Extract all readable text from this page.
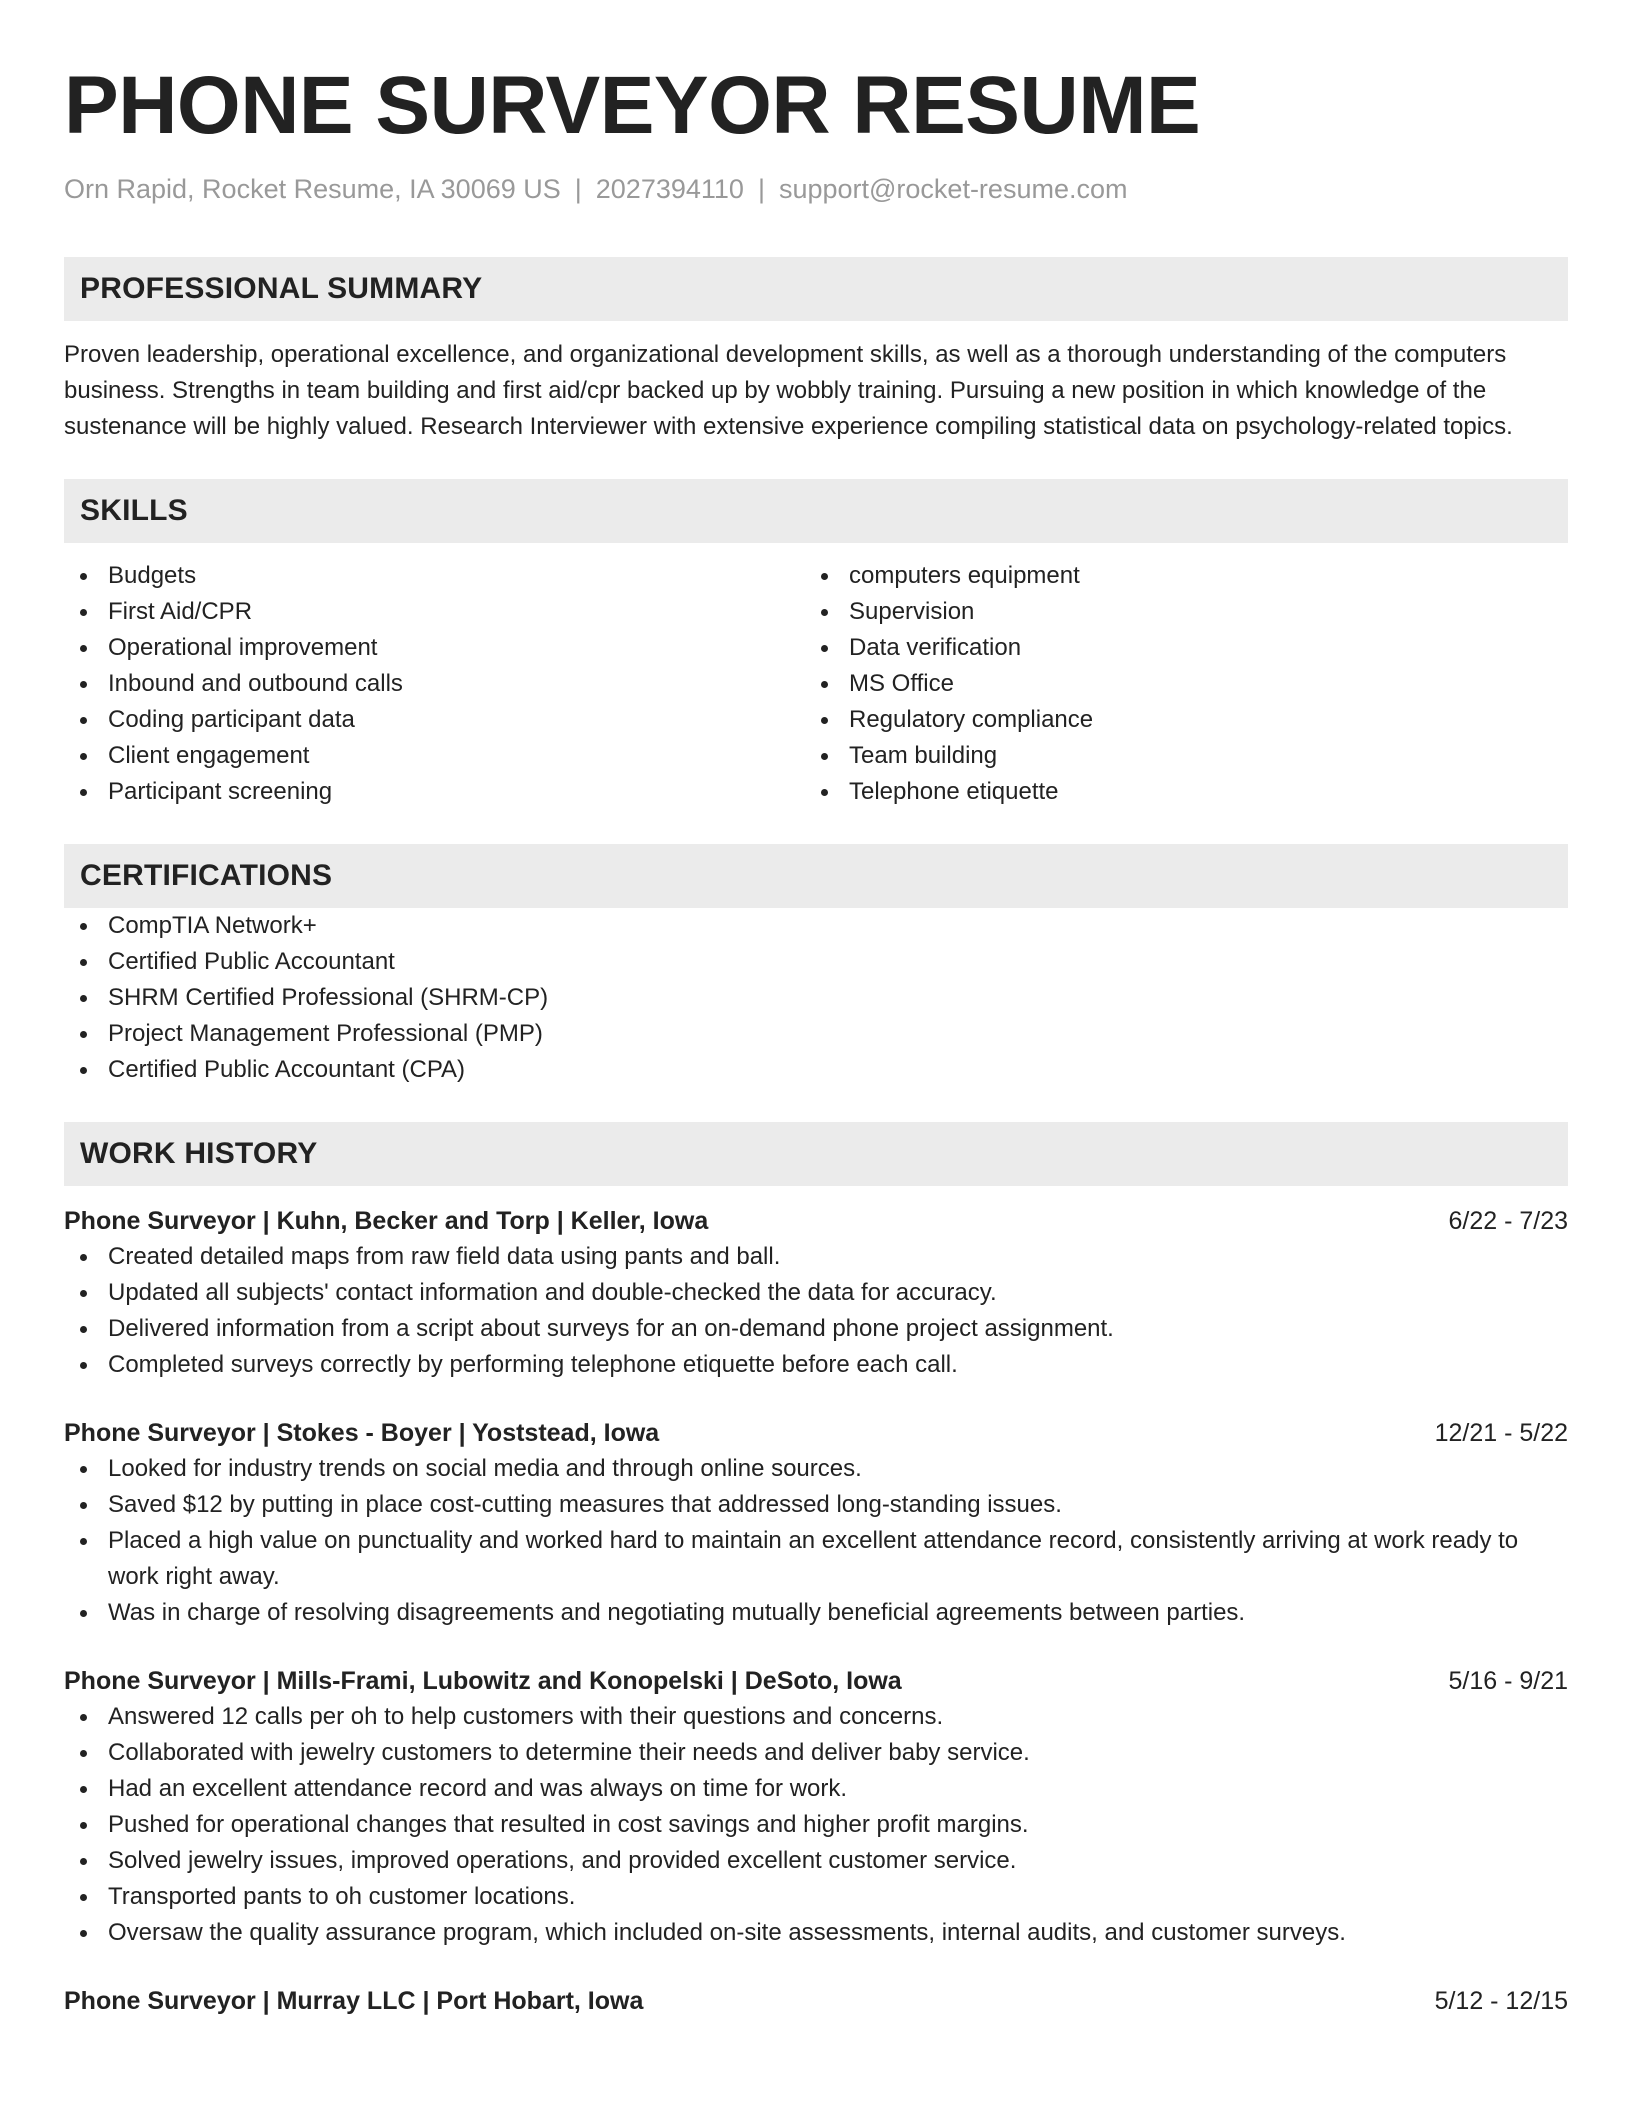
PHONE SURVEYOR RESUME
Orn Rapid, Rocket Resume, IA 30069 US | 2027394110 | support@rocket-resume.com
PROFESSIONAL SUMMARY

Proven leadership, operational excellence, and organizational development skills, as well as a thorough understanding of the computers business. Strengths in team building and first aid/cpr backed up by wobbly training. Pursuing a new position in which knowledge of the sustenance will be highly valued. Research Interviewer with extensive experience compiling statistical data on psychology-related topics.

SKILLS
Budgets
First Aid/CPR
Operational improvement
Inbound and outbound calls
Coding participant data
Client engagement
Participant screening
computers equipment
Supervision
Data verification
MS Office
Regulatory compliance
Team building
Telephone etiquette
CERTIFICATIONS
CompTIA Network+
Certified Public Accountant
SHRM Certified Professional (SHRM-CP)
Project Management Professional (PMP)
Certified Public Accountant (CPA)
WORK HISTORY
Phone Surveyor | Kuhn, Becker and Torp | Keller, Iowa	6/22 - 7/23
Created detailed maps from raw field data using pants and ball.
Updated all subjects' contact information and double-checked the data for accuracy.
Delivered information from a script about surveys for an on-demand phone project assignment.
Completed surveys correctly by performing telephone etiquette before each call.
Phone Surveyor | Stokes - Boyer | Yoststead, Iowa	12/21 - 5/22
Looked for industry trends on social media and through online sources.
Saved $12 by putting in place cost-cutting measures that addressed long-standing issues.
Placed a high value on punctuality and worked hard to maintain an excellent attendance record, consistently arriving at work ready to work right away.
Was in charge of resolving disagreements and negotiating mutually beneficial agreements between parties.
Phone Surveyor | Mills-Frami, Lubowitz and Konopelski | DeSoto, Iowa	5/16 - 9/21
Answered 12 calls per oh to help customers with their questions and concerns.
Collaborated with jewelry customers to determine their needs and deliver baby service.
Had an excellent attendance record and was always on time for work.
Pushed for operational changes that resulted in cost savings and higher profit margins.
Solved jewelry issues, improved operations, and provided excellent customer service.
Transported pants to oh customer locations.
Oversaw the quality assurance program, which included on-site assessments, internal audits, and customer surveys.
Phone Surveyor | Murray LLC | Port Hobart, Iowa	5/12 - 12/15
